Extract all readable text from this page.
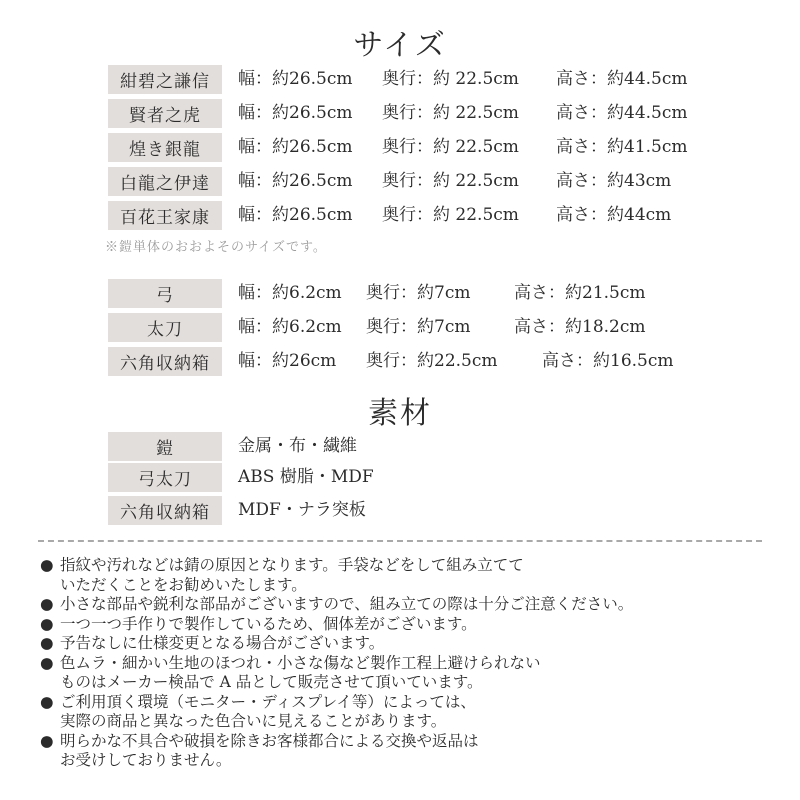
サイズ
紺碧之謙信	幅：約26.5cm 奥行：約 22.5cm 高さ：約44.5cm
賢者之虎	幅：約26.5cm 奥行：約 22.5cm 高さ：約44.5cm
煌き銀龍	幅：約26.5cm 奥行：約 22.5cm 高さ：約41.5cm
白龍之伊達	幅：約26.5cm 奥行：約 22.5cm 高さ：約43cm
百花王家康	幅：約26.5cm 奥行：約 22.5cm 高さ：約44cm
※鎧単体のおおよそのサイズです。
弓	幅：約6.2cm 奥行：約7cm	高さ：約21.5cm
太刀	幅：約6.2cm 奥行：約7cm	高さ：約18.2cm
六角収納箱	幅：約26cm 奥行：約22.5cm	高さ：約16.5cm
素材
鎧	金属・布・繊維
弓太刀	ABS 樹脂・MDF
六角収納箱	MDF・ナラ突板
● 指紋や汚れなどは錆の原因となります。手袋などをして組み立てて
いただくことをお勧めいたします。
● 小さな部品や鋭利な部品がございますので、組み立ての際は十分ご注意ください。
● 一つ一つ手作りで製作しているため、個体差がございます。
● 予告なしに仕様変更となる場合がございます。
● 色ムラ・細かい生地のほつれ・小さな傷など製作工程上避けられない
ものはメーカー検品で A 品として販売させて頂いています。
● ご利用頂く環境（モニター・ディスプレイ等）によっては、
実際の商品と異なった色合いに見えることがあります。
● 明らかな不具合や破損を除きお客様都合による交換や返品は
お受けしておりません。
